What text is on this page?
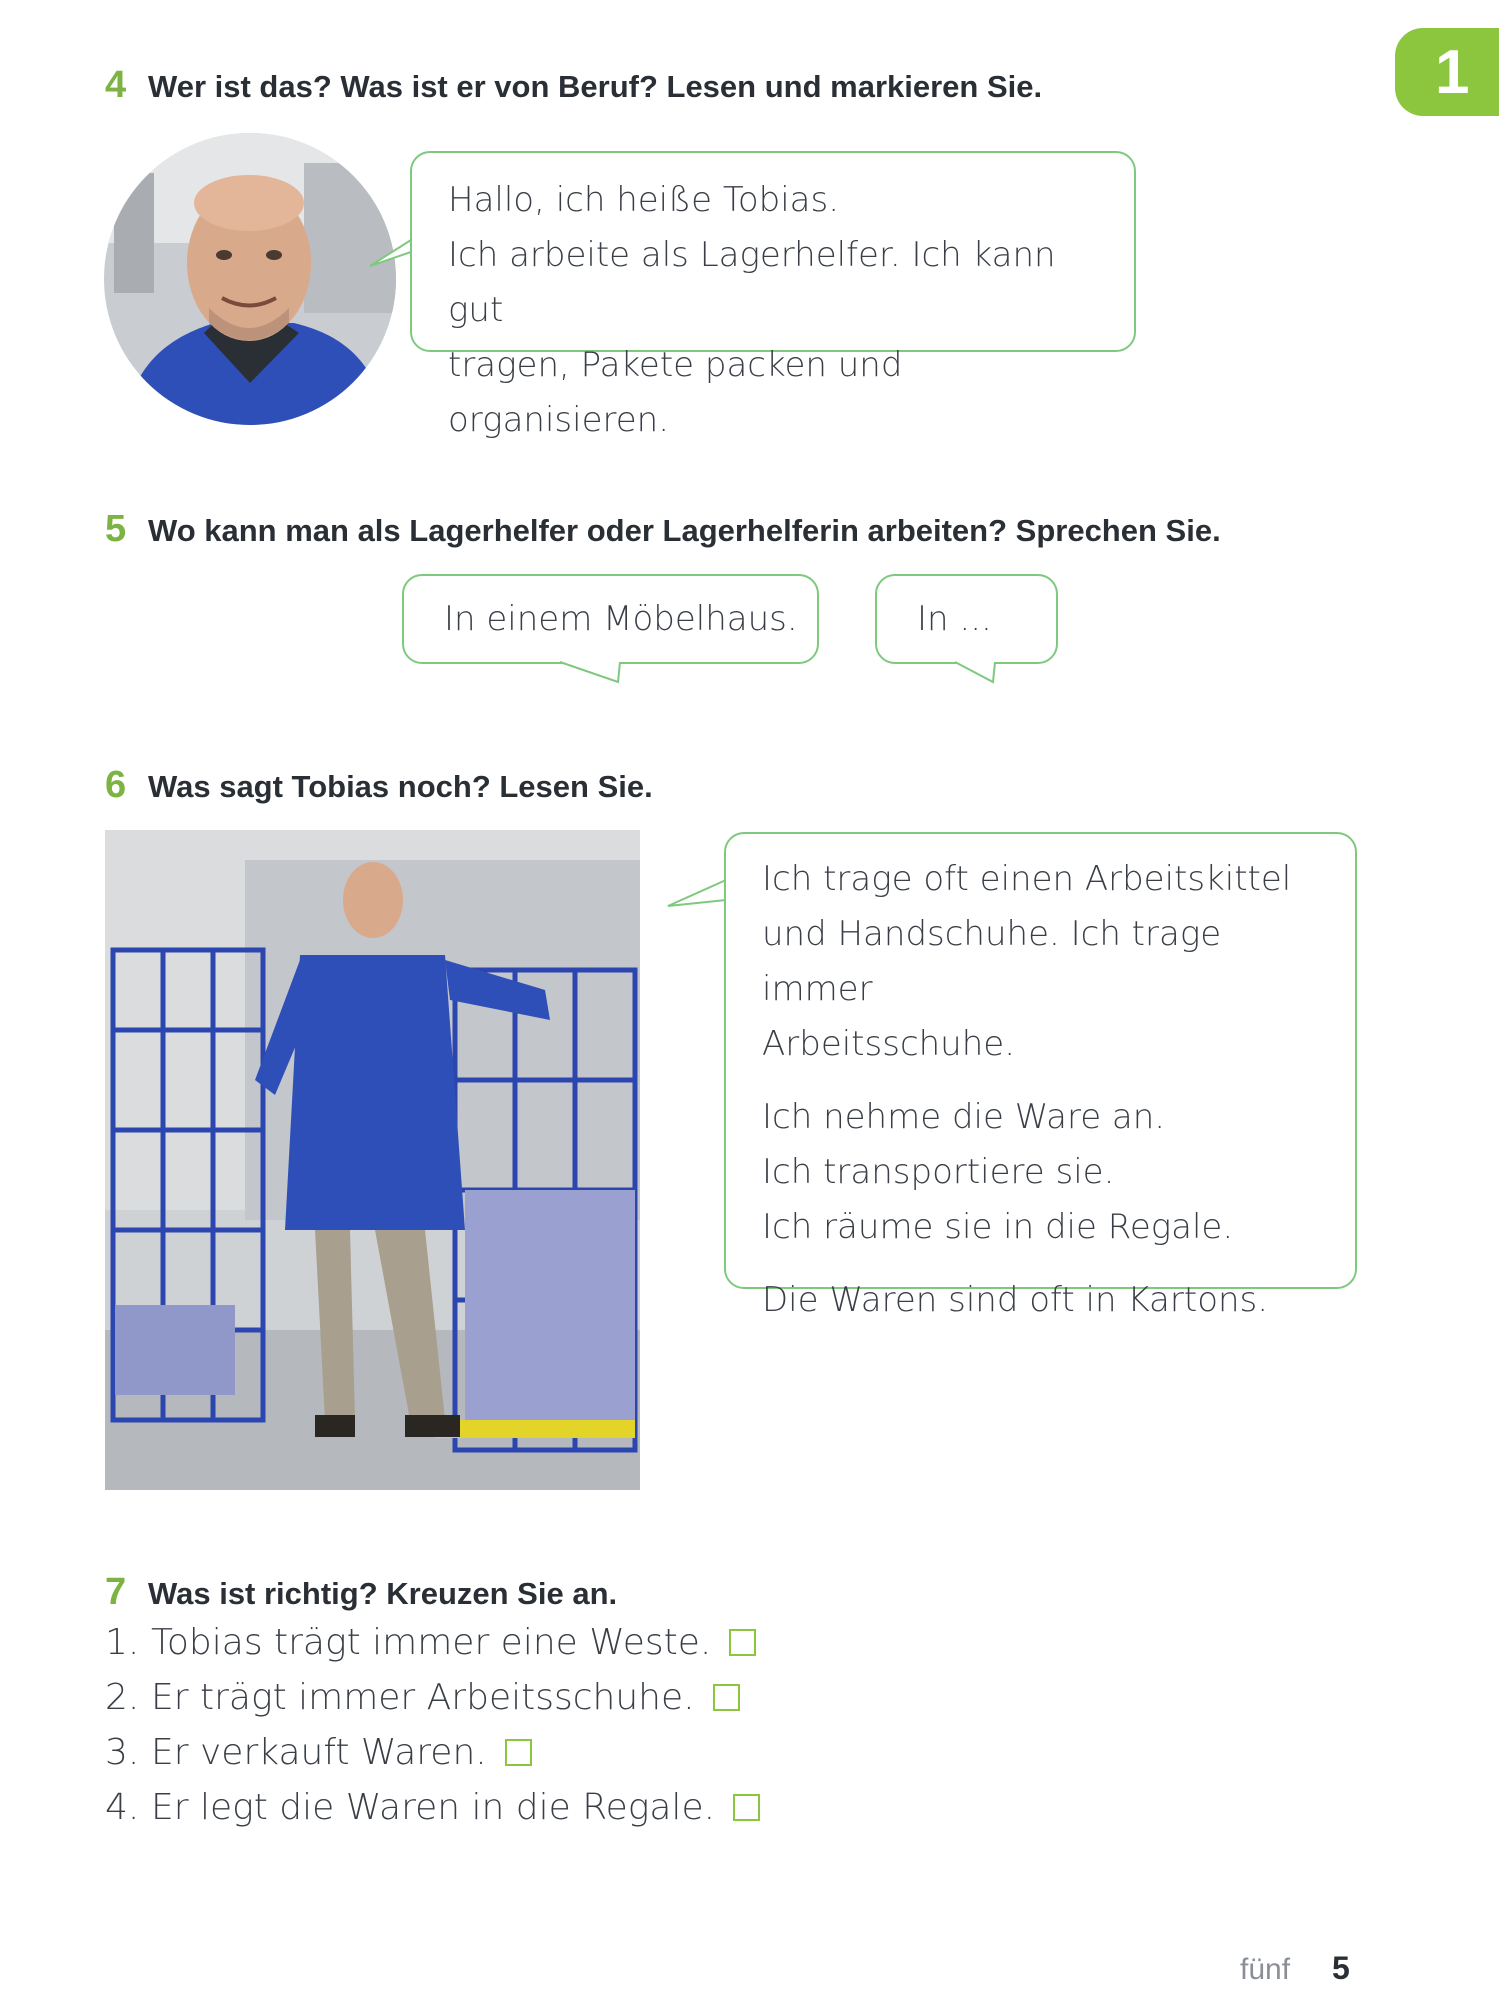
1
4 Wer ist das? Was ist er von Beruf? Lesen und markieren Sie.

Hallo, ich heiße Tobias.

Ich arbeite als Lagerhelfer. Ich kann gut

tragen, Pakete packen und organisieren.

5 Wo kann man als Lagerhelfer oder Lagerhelferin arbeiten? Sprechen Sie.
In einem Möbelhaus.	In ...
6 Was sagt Tobias noch? Lesen Sie.

Ich trage oft einen Arbeitskittel

und Handschuhe. Ich trage immer

Arbeitsschuhe.

Ich nehme die Ware an.

Ich transportiere sie.

Ich räume sie in die Regale.

Die Waren sind oft in Kartons.

7 Was ist richtig? Kreuzen Sie an.
1. Tobias trägt immer eine Weste.
2. Er trägt immer Arbeitsschuhe.
3. Er verkauft Waren.
4. Er legt die Waren in die Regale.
fünf 5
